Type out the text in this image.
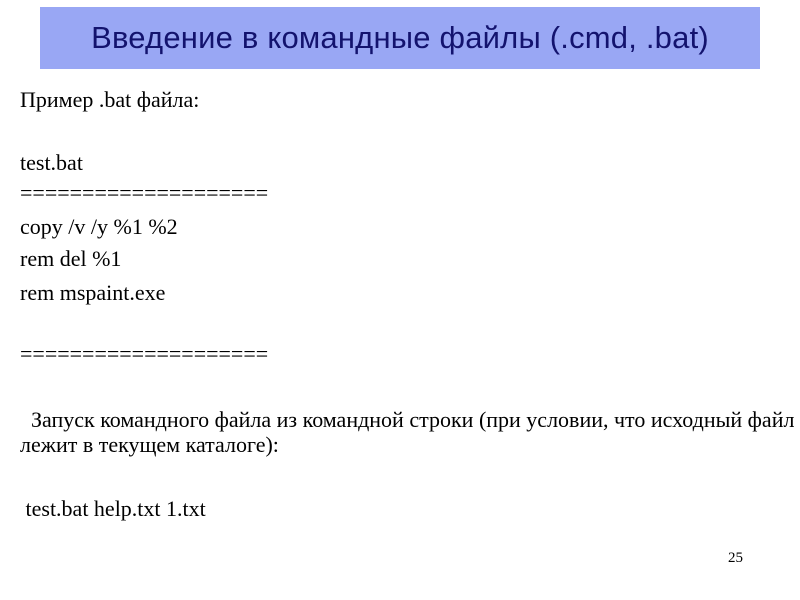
Введение в командные файлы (.cmd, .bat)
Пример .bat файла:
test.bat
====================
copy /v /y %1 %2
rem del %1
rem mspaint.exe
====================
Запуск командного файла из командной строки (при условии, что исходный файл лежит в текущем каталоге):
test.bat help.txt 1.txt
25
